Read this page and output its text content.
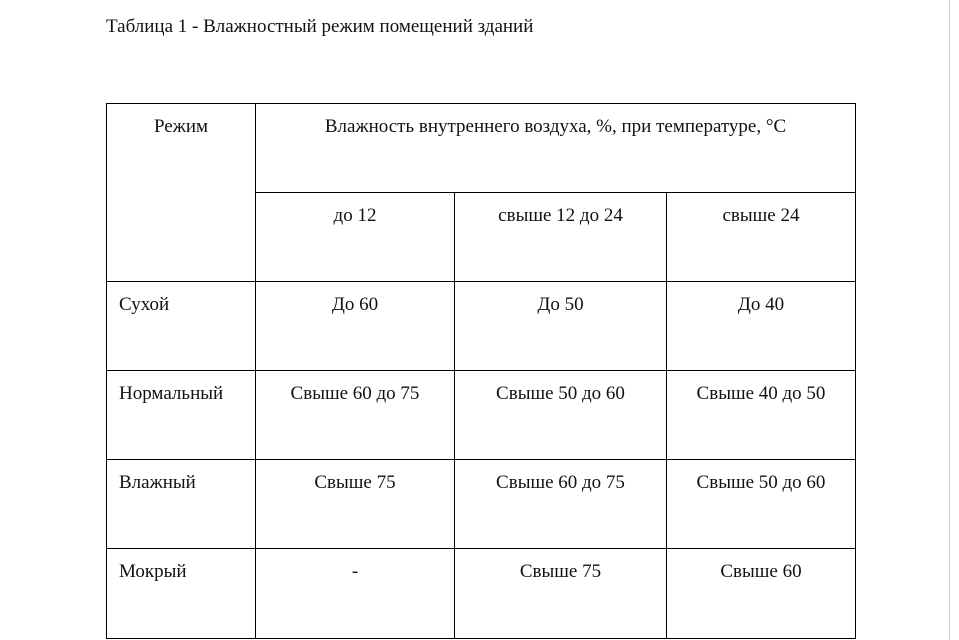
Таблица 1 - Влажностный режим помещений зданий
Режим	Влажность внутреннего воздуха, %, при температуре, °С		
	до 12	свыше 12 до 24	свыше 24
Сухой	До 60	До 50	До 40
Нормальный	Свыше 60 до 75	Свыше 50 до 60	Свыше 40 до 50
Влажный	Свыше 75	Свыше 60 до 75	Свыше 50 до 60
Мокрый	-	Свыше 75	Свыше 60
